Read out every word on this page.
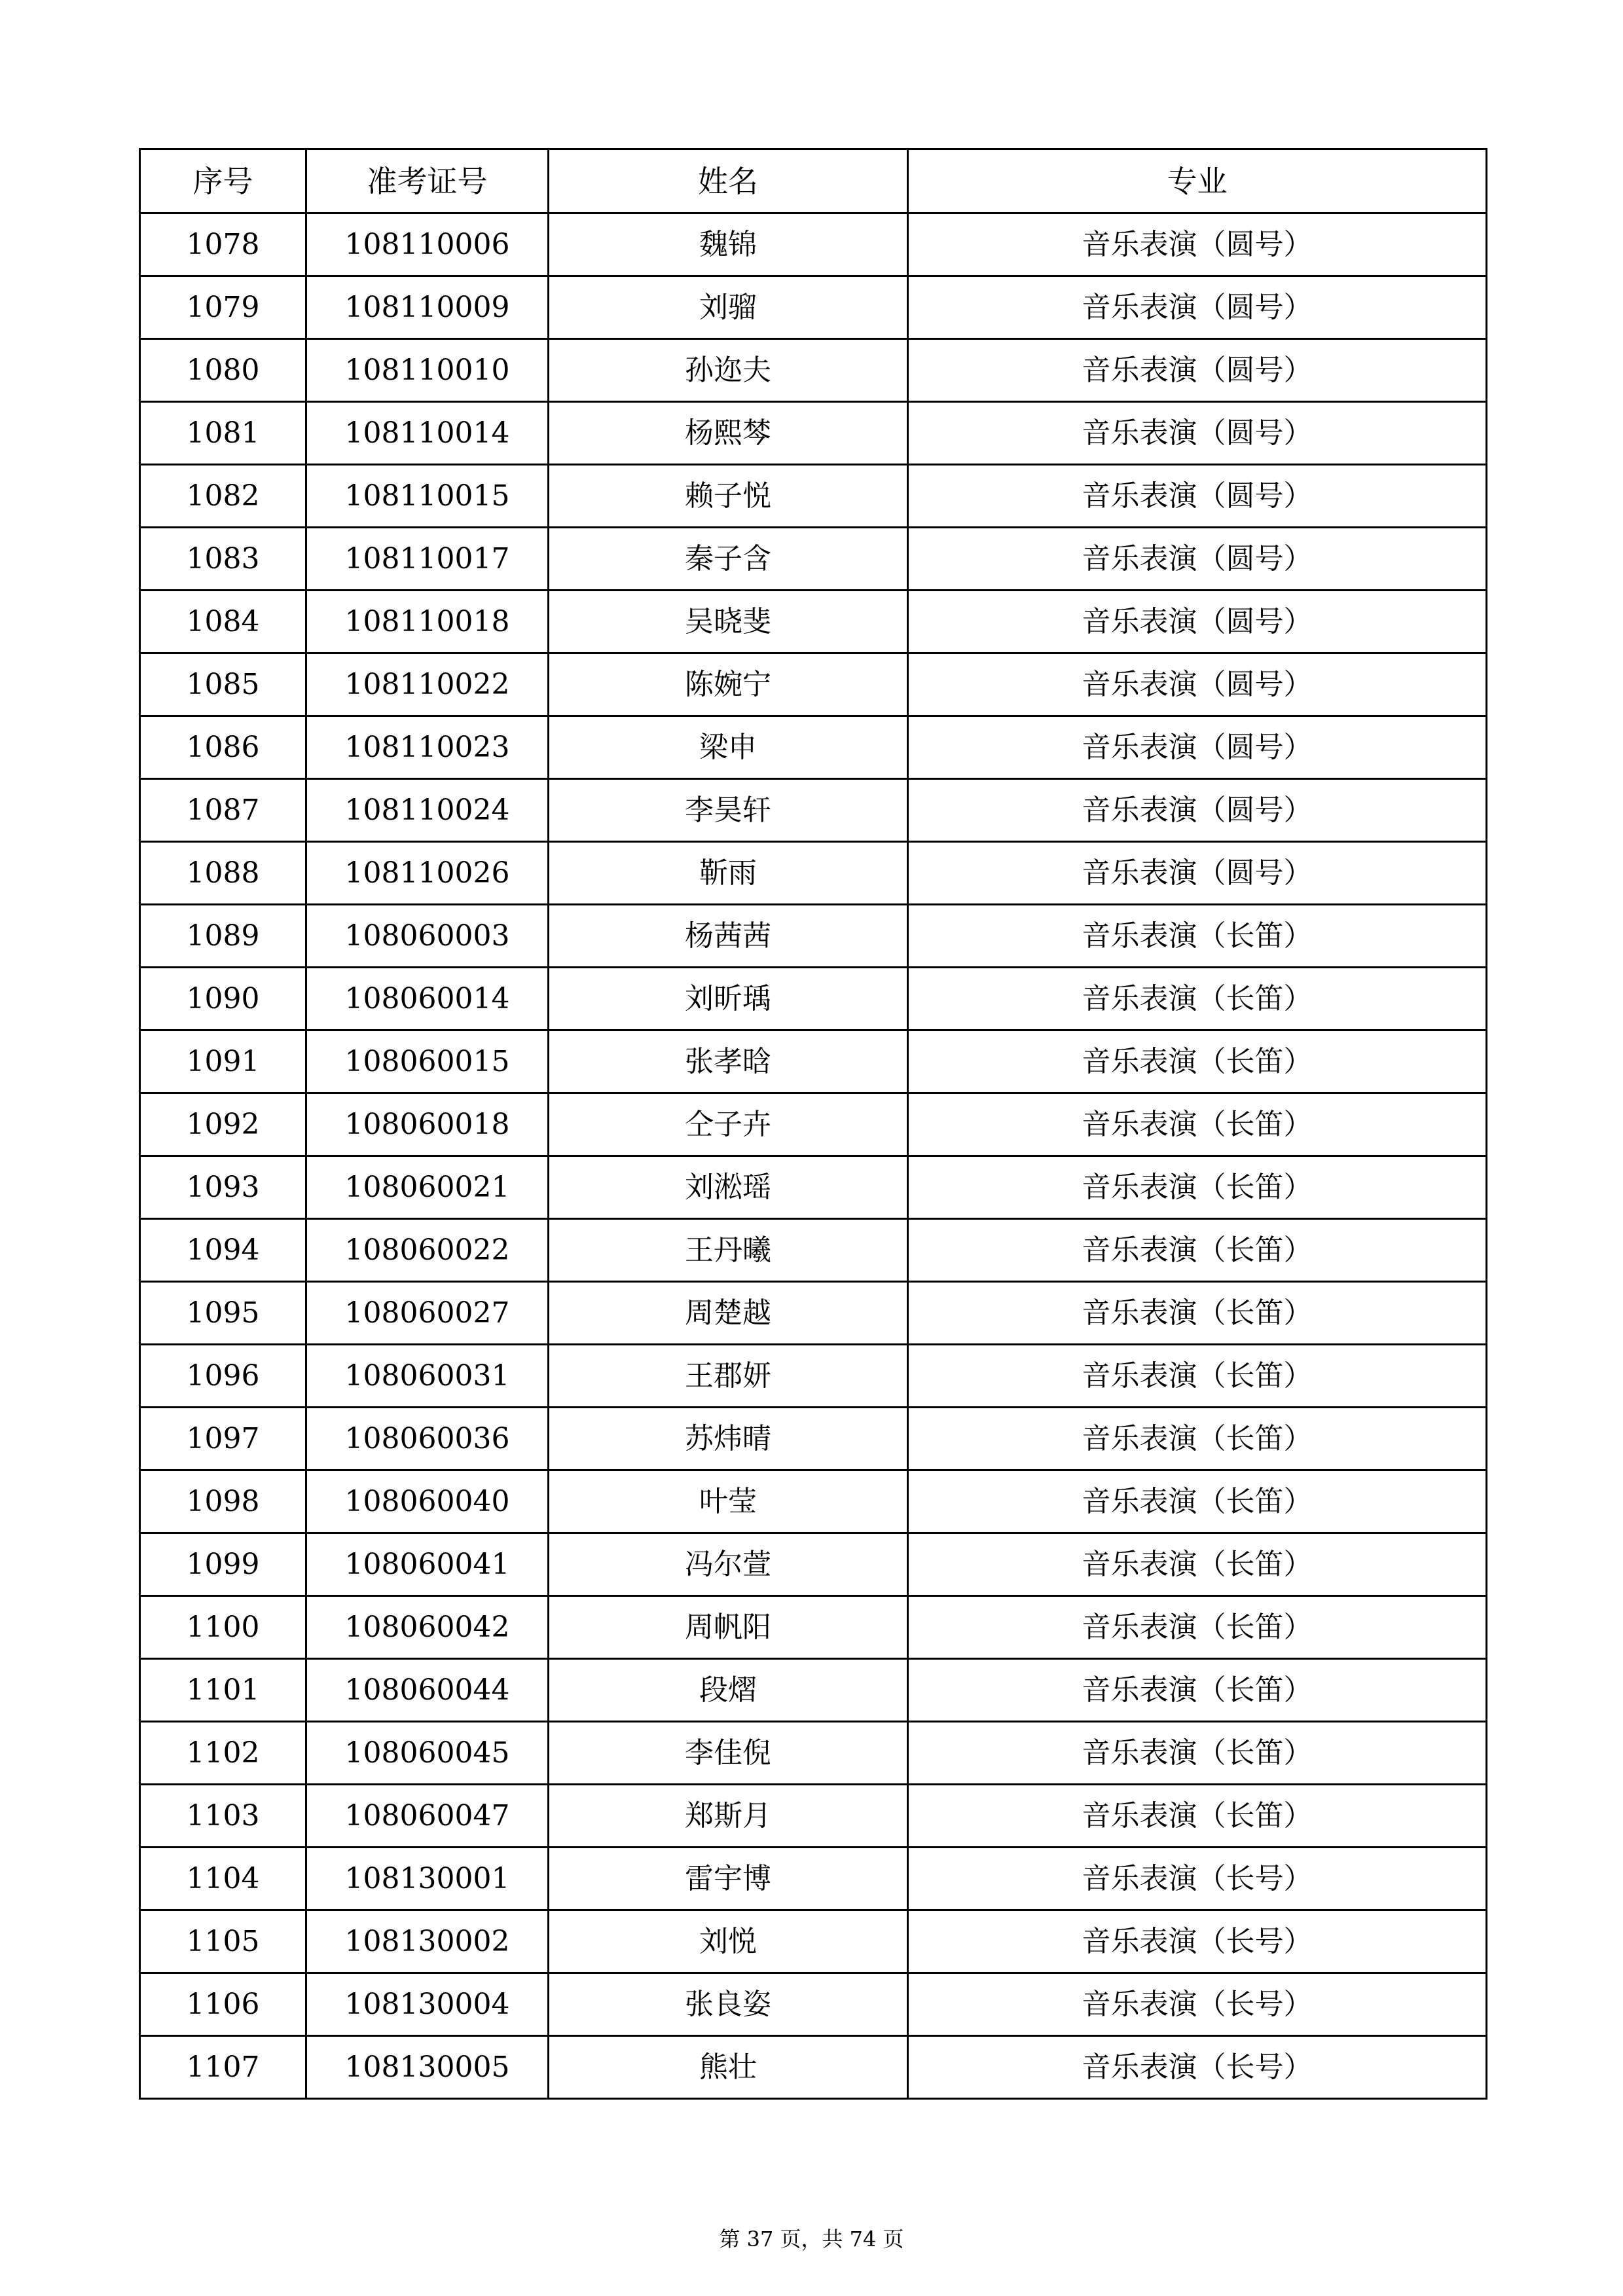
序号	准考证号	姓名	专业
1078	108110006	魏锦	音乐表演（圆号）
1079	108110009	刘骝	音乐表演（圆号）
1080	108110010	孙迩夫	音乐表演（圆号）
1081	108110014	杨熙棽	音乐表演（圆号）
1082	108110015	赖子悦	音乐表演（圆号）
1083	108110017	秦子含	音乐表演（圆号）
1084	108110018	吴晓斐	音乐表演（圆号）
1085	108110022	陈婉宁	音乐表演（圆号）
1086	108110023	梁申	音乐表演（圆号）
1087	108110024	李昊轩	音乐表演（圆号）
1088	108110026	靳雨	音乐表演（圆号）
1089	108060003	杨茜茜	音乐表演（长笛）
1090	108060014	刘昕瑀	音乐表演（长笛）
1091	108060015	张孝晗	音乐表演（长笛）
1092	108060018	仝子卉	音乐表演（长笛）
1093	108060021	刘淞瑶	音乐表演（长笛）
1094	108060022	王丹曦	音乐表演（长笛）
1095	108060027	周楚越	音乐表演（长笛）
1096	108060031	王郡妍	音乐表演（长笛）
1097	108060036	苏炜晴	音乐表演（长笛）
1098	108060040	叶莹	音乐表演（长笛）
1099	108060041	冯尔萱	音乐表演（长笛）
1100	108060042	周帆阳	音乐表演（长笛）
1101	108060044	段熠	音乐表演（长笛）
1102	108060045	李佳倪	音乐表演（长笛）
1103	108060047	郑斯月	音乐表演（长笛）
1104	108130001	雷宇博	音乐表演（长号）
1105	108130002	刘悦	音乐表演（长号）
1106	108130004	张良姿	音乐表演（长号）
1107	108130005	熊壮	音乐表演（长号）
第 37 页，共 74 页
